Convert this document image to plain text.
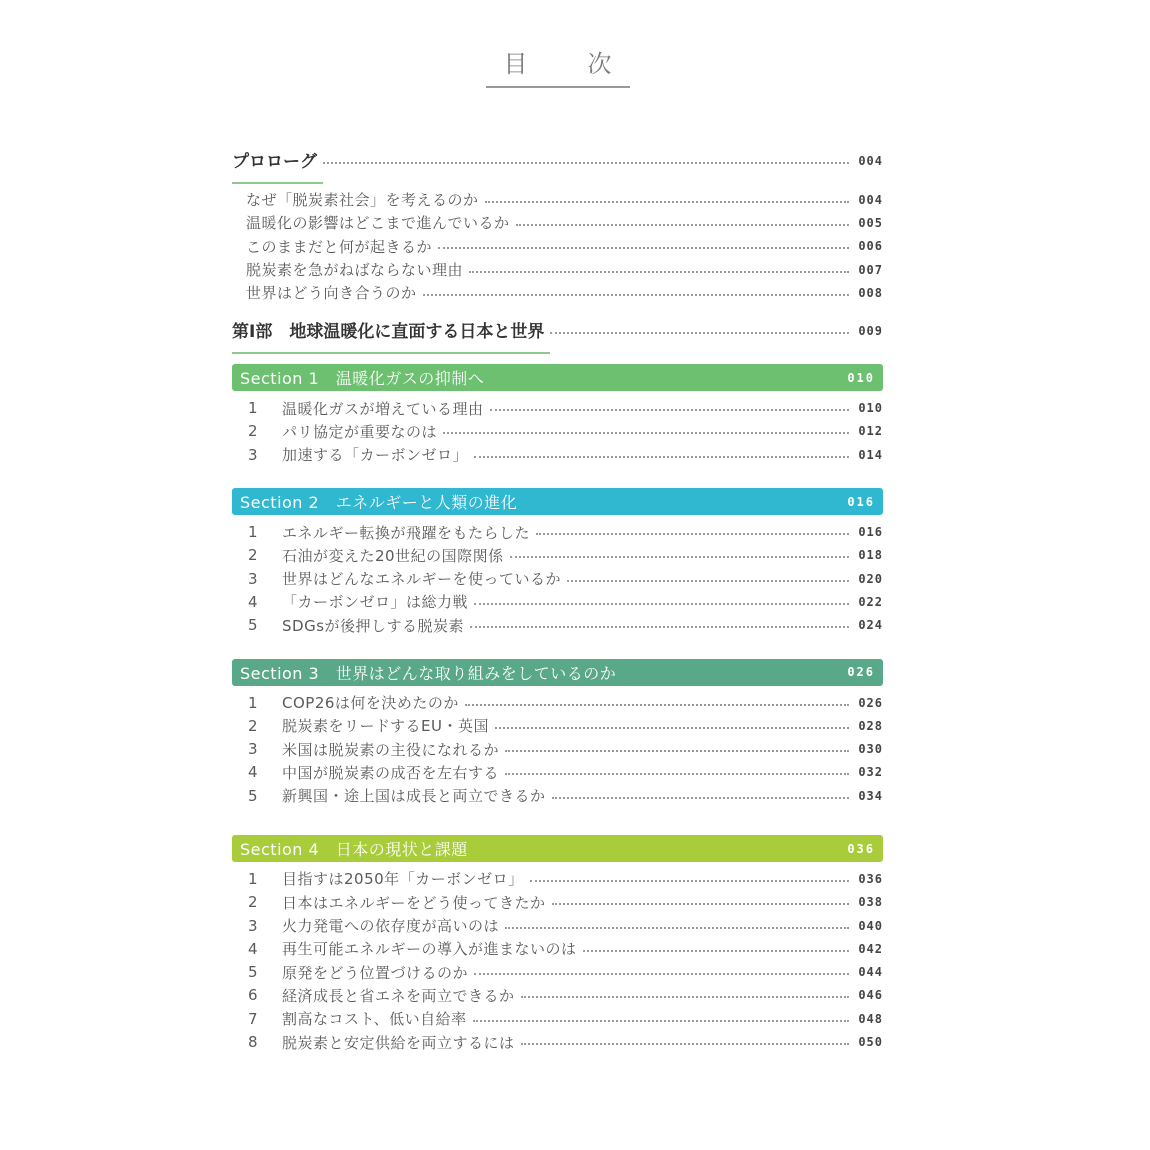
目　次
プロローグ	004
なぜ「脱炭素社会」を考えるのか	004
温暖化の影響はどこまで進んでいるか	005
このままだと何が起きるか	006
脱炭素を急がねばならない理由	007
世界はどう向き合うのか	008
第Ⅰ部　地球温暖化に直面する日本と世界	009
Section 1　温暖化ガスの抑制へ	010
1	温暖化ガスが増えている理由	010
2	パリ協定が重要なのは	012
3	加速する「カーボンゼロ」	014
Section 2　エネルギーと人類の進化	016
1	エネルギー転換が飛躍をもたらした	016
2	石油が変えた20世紀の国際関係	018
3	世界はどんなエネルギーを使っているか	020
4	「カーボンゼロ」は総力戦	022
5	SDGsが後押しする脱炭素	024
Section 3　世界はどんな取り組みをしているのか	026
1	COP26は何を決めたのか	026
2	脱炭素をリードするEU・英国	028
3	米国は脱炭素の主役になれるか	030
4	中国が脱炭素の成否を左右する	032
5	新興国・途上国は成長と両立できるか	034
Section 4　日本の現状と課題	036
1	目指すは2050年「カーボンゼロ」	036
2	日本はエネルギーをどう使ってきたか	038
3	火力発電への依存度が高いのは	040
4	再生可能エネルギーの導入が進まないのは	042
5	原発をどう位置づけるのか	044
6	経済成長と省エネを両立できるか	046
7	割高なコスト、低い自給率	048
8	脱炭素と安定供給を両立するには	050
